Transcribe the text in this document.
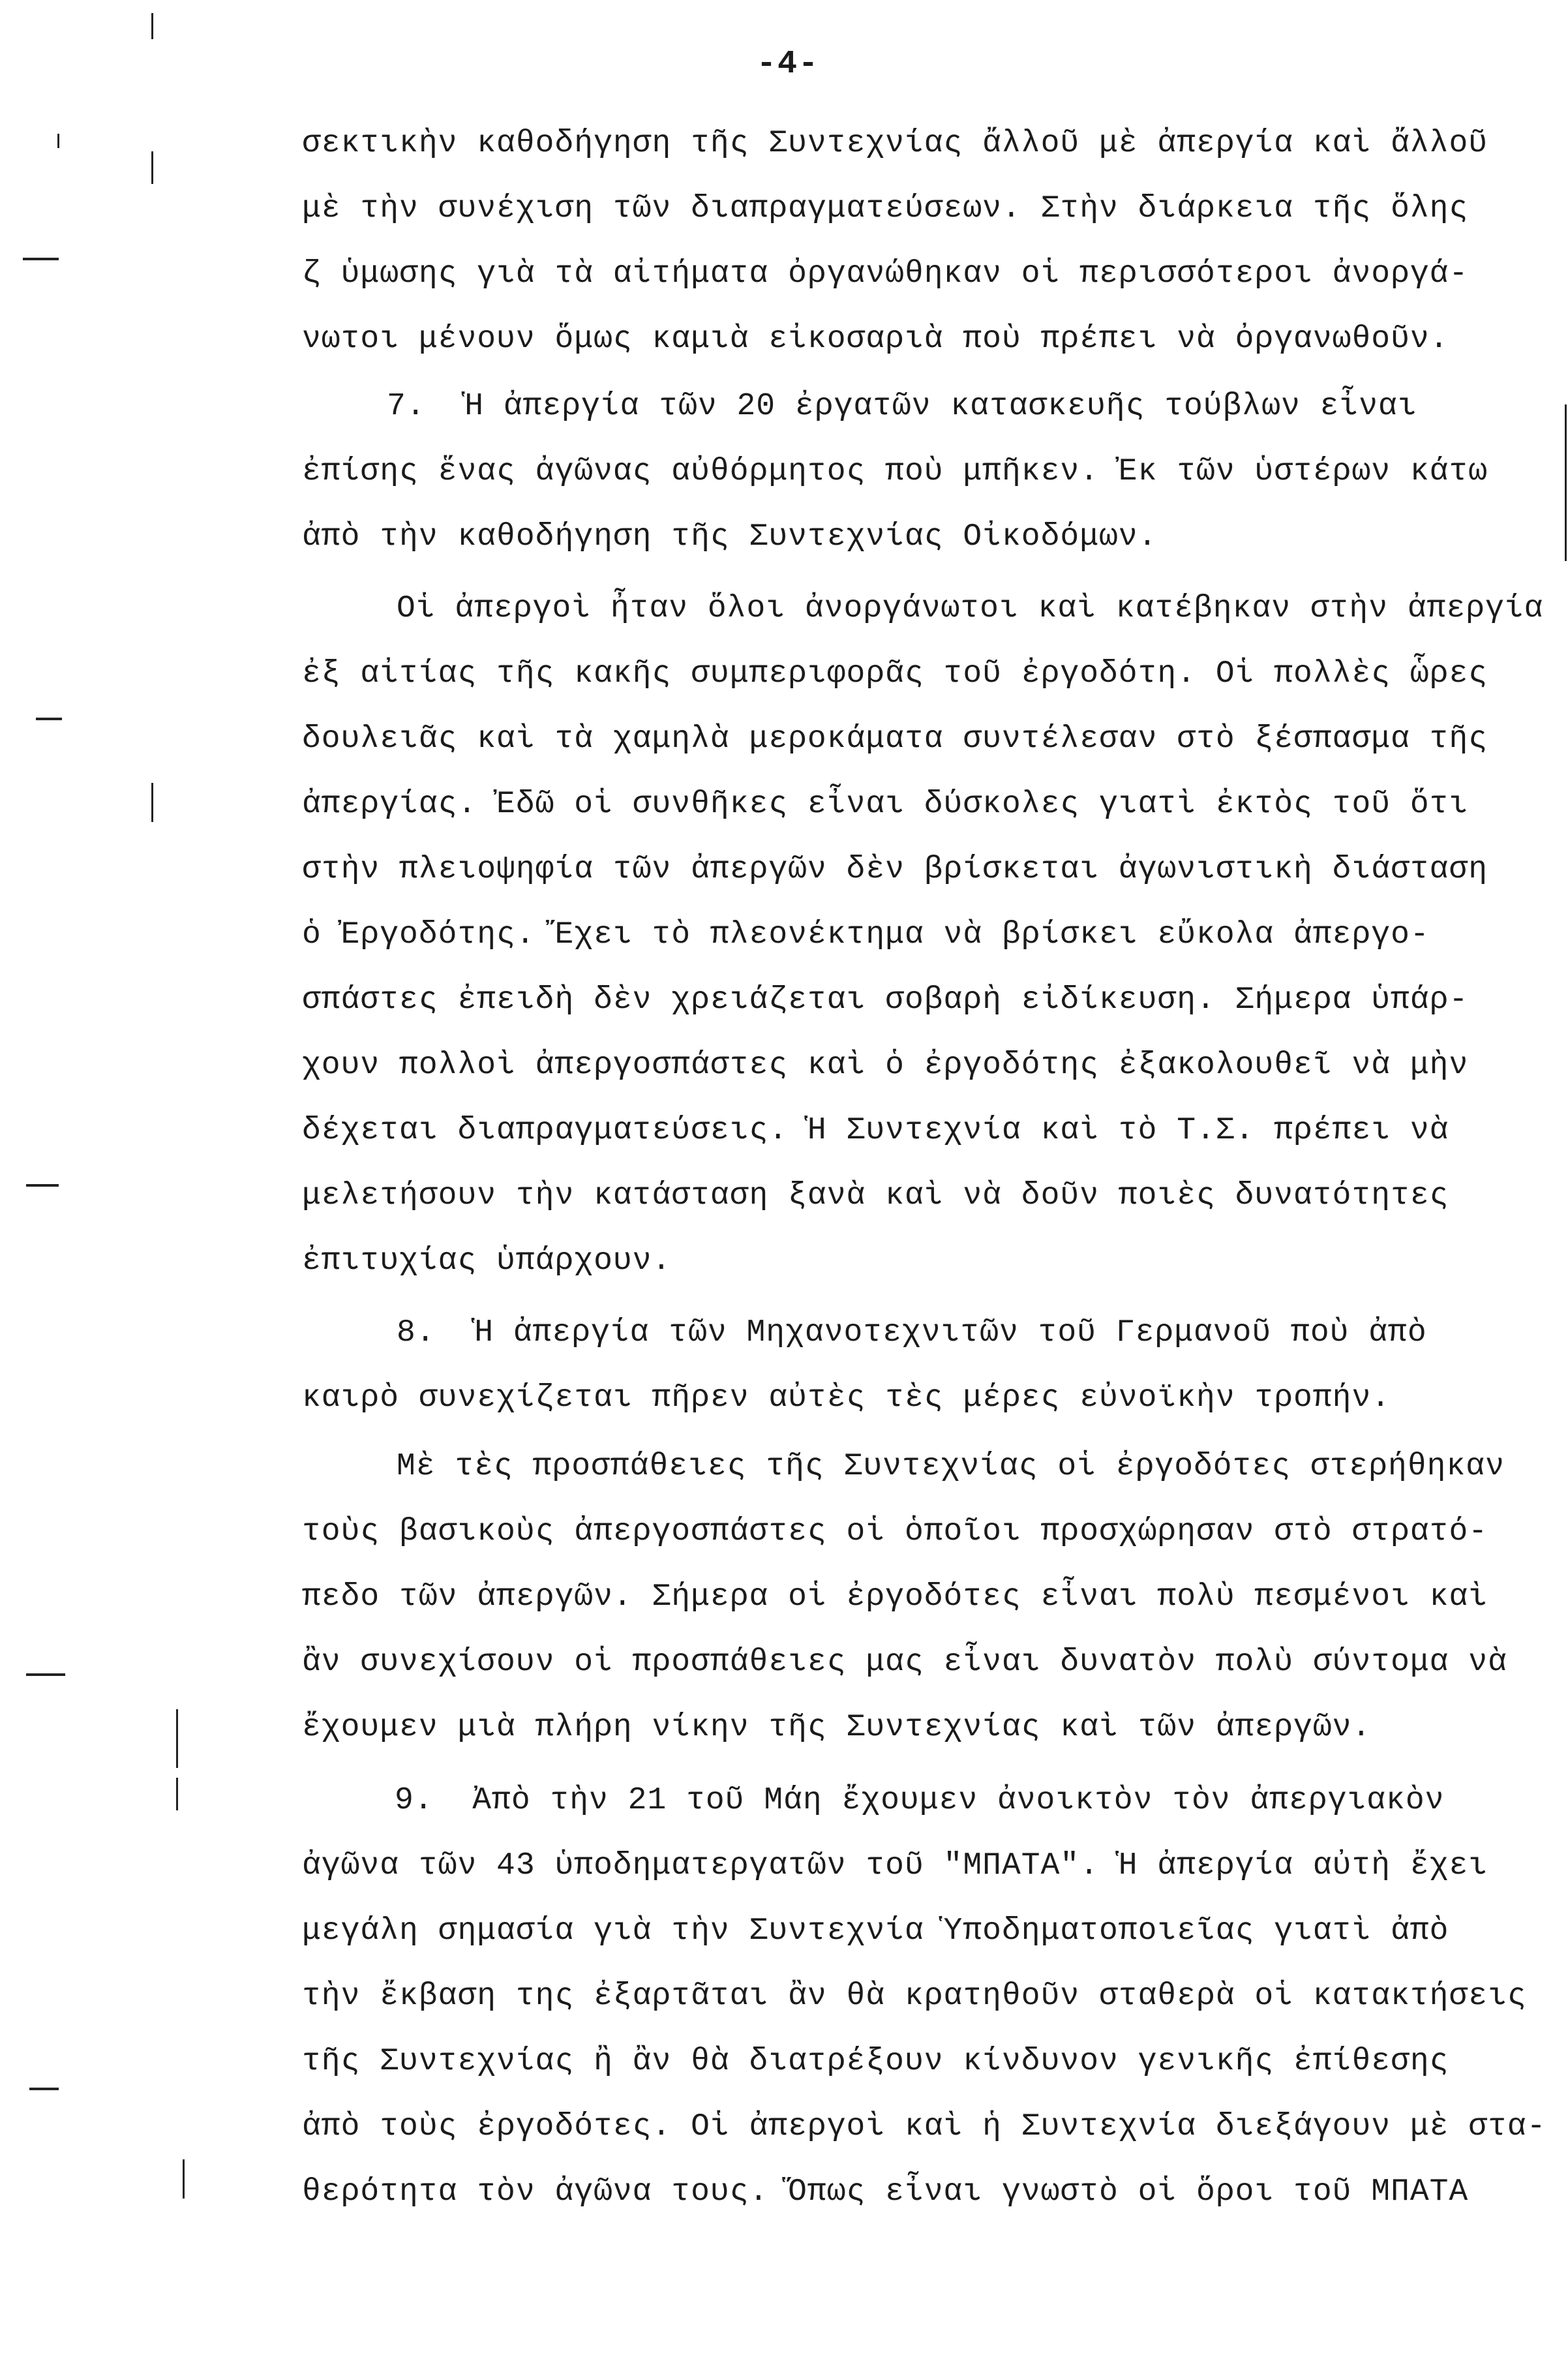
-4-
σεκτικὴν καθοδήγηση τῆς Συντεχνίας ἄλλοῦ μὲ ἀπεργία καὶ ἄλλοῦ
μὲ τὴν συνέχιση τῶν διαπραγματεύσεων. Στὴν διάρκεια τῆς ὅλης
ζ ὑμωσης γιὰ τὰ αἰτήματα ὀργανώθηκαν οἱ περισσότεροι ἀνοργά-
νωτοι μένουν ὅμως καμιὰ εἰκοσαριὰ ποὺ πρέπει νὰ ὀργανωθοῦν.
7.  Ἡ ἀπεργία τῶν 20 ἐργατῶν κατασκευῆς τούβλων εἶναι
ἐπίσης ἕνας ἀγῶνας αὐθόρμητος ποὺ μπῆκεν. Ἐκ τῶν ὑστέρων κάτω
ἀπὸ τὴν καθοδήγηση τῆς Συντεχνίας Οἰκοδόμων.
Οἱ ἀπεργοὶ ἦταν ὅλοι ἀνοργάνωτοι καὶ κατέβηκαν στὴν ἀπεργία
ἐξ αἰτίας τῆς κακῆς συμπεριφορᾶς τοῦ ἐργοδότη. Οἱ πολλὲς ὧρες
δουλειᾶς καὶ τὰ χαμηλὰ μεροκάματα συντέλεσαν στὸ ξέσπασμα τῆς
ἀπεργίας. Ἐδῶ οἱ συνθῆκες εἶναι δύσκολες γιατὶ ἐκτὸς τοῦ ὅτι
στὴν πλειοψηφία τῶν ἀπεργῶν δὲν βρίσκεται ἀγωνιστικὴ διάσταση
ὁ Ἐργοδότης. Ἔχει τὸ πλεονέκτημα νὰ βρίσκει εὔκολα ἀπεργο-
σπάστες ἐπειδὴ δὲν χρειάζεται σοβαρὴ εἰδίκευση. Σήμερα ὑπάρ-
χουν πολλοὶ ἀπεργοσπάστες καὶ ὁ ἐργοδότης ἐξακολουθεῖ νὰ μὴν
δέχεται διαπραγματεύσεις. Ἡ Συντεχνία καὶ τὸ Τ.Σ. πρέπει νὰ
μελετήσουν τὴν κατάσταση ξανὰ καὶ νὰ δοῦν ποιὲς δυνατότητες
ἐπιτυχίας ὑπάρχουν.
8.  Ἡ ἀπεργία τῶν Μηχανοτεχνιτῶν τοῦ Γερμανοῦ ποὺ ἀπὸ
καιρὸ συνεχίζεται πῆρεν αὐτὲς τὲς μέρες εὐνοϊκὴν τροπήν.
Μὲ τὲς προσπάθειες τῆς Συντεχνίας οἱ ἐργοδότες στερήθηκαν
τοὺς βασικοὺς ἀπεργοσπάστες οἱ ὁποῖοι προσχώρησαν στὸ στρατό-
πεδο τῶν ἀπεργῶν. Σήμερα οἱ ἐργοδότες εἶναι πολὺ πεσμένοι καὶ
ἂν συνεχίσουν οἱ προσπάθειες μας εἶναι δυνατὸν πολὺ σύντομα νὰ
ἔχουμεν μιὰ πλήρη νίκην τῆς Συντεχνίας καὶ τῶν ἀπεργῶν.
9.  Ἀπὸ τὴν 21 τοῦ Μάη ἔχουμεν ἀνοικτὸν τὸν ἀπεργιακὸν
ἀγῶνα τῶν 43 ὑποδηματεργατῶν τοῦ "ΜΠΑΤΑ". Ἡ ἀπεργία αὐτὴ ἔχει
μεγάλη σημασία γιὰ τὴν Συντεχνία Ὑποδηματοποιεῖας γιατὶ ἀπὸ
τὴν ἔκβαση της ἐξαρτᾶται ἂν θὰ κρατηθοῦν σταθερὰ οἱ κατακτήσεις
τῆς Συντεχνίας ἢ ἂν θὰ διατρέξουν κίνδυνον γενικῆς ἐπίθεσης
ἀπὸ τοὺς ἐργοδότες. Οἱ ἀπεργοὶ καὶ ἡ Συντεχνία διεξάγουν μὲ στα-
θερότητα τὸν ἀγῶνα τους. Ὅπως εἶναι γνωστὸ οἱ ὅροι τοῦ ΜΠΑΤΑ
